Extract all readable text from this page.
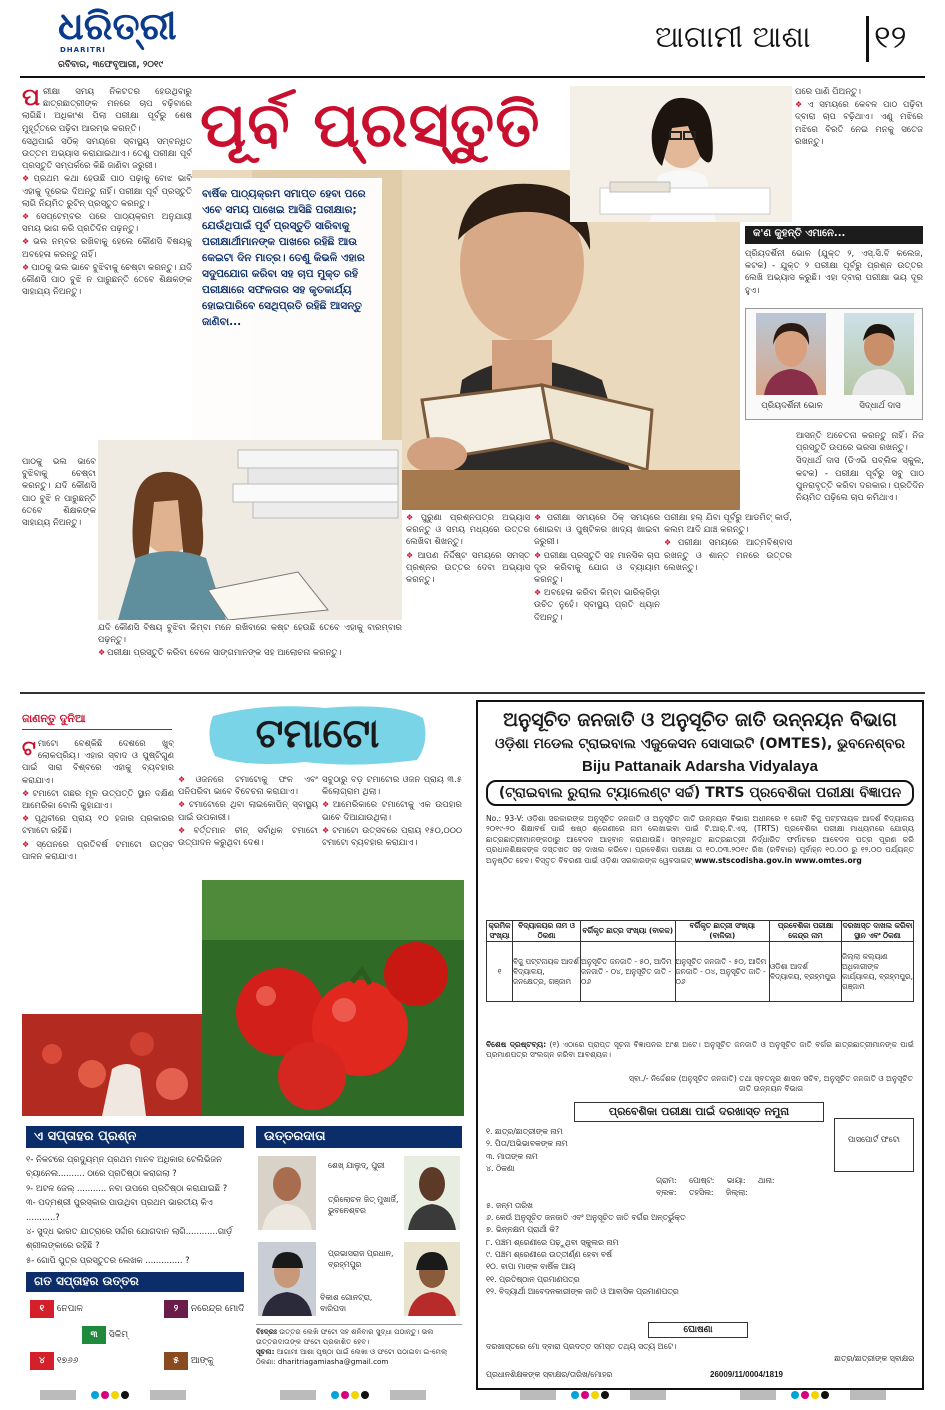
ଧରିତ୍ରୀ
DHARITRI
ରବିବାର, ୩ଫେବୃଆରୀ, ୨୦୧୯
ଆଗାମୀ ଆଶା ୧୨
ପ ରୀକ୍ଷା ସମୟ ନିକଟତର ହେଉଥିବାରୁ ଛାତ୍ରଛାତ୍ରୀଙ୍କ ମନରେ ଚାପ ବଢ଼ିବାରେ ଲାଗିଛି। ଅଧିକାଂଶ ପିଲା ପରୀକ୍ଷା ପୂର୍ବରୁ ଶେଷ ମୁହୂର୍ତ୍ତରେ ପଢ଼ିବା ଆରମ୍ଭ କରନ୍ତି।

ସେଥିପାଇଁ ସଠିକ୍ ସମୟରେ ସ୍ବାସ୍ଥ୍ୟ ସମ୍ବନ୍ଧିତ ଉତ୍ତମ ଅଭ୍ୟାସ କରାଯାଇଥାଏ। ତେଣୁ ପରୀକ୍ଷା ପୂର୍ବ ପ୍ରସ୍ତୁତି ସମ୍ପର୍କରେ କିଛି ଜାଣିବା ଜରୁରୀ।

❖ ପ୍ରଥମ କଥା ହେଉଛି ପାଠ ପଢ଼ାକୁ ବୋଝ ଭାବି ଏହାକୁ ଦୂରେଇ ଦିଅନ୍ତୁ ନାହିଁ। ପରୀକ୍ଷା ପୂର୍ବ ପ୍ରସ୍ତୁତି ଲାଗି ନିୟମିତ ରୁଟିନ୍ ପ୍ରସ୍ତୁତ କରନ୍ତୁ।

❖ ସେପ୍ଟେମ୍ବର ପରେ ପାଠ୍ୟକ୍ରମ ଅନୁଯାୟୀ ସମୟ ଭାଗ କରି ପ୍ରତିଦିନ ପଢ଼ନ୍ତୁ।

❖ ଭଲ ନମ୍ବର ରଖିବାକୁ ହେଲେ କୌଣସି ବିଷୟକୁ ଅବହେଳା କରନ୍ତୁ ନାହିଁ।

❖ ପାଠକୁ ଭଲ ଭାବେ ବୁଝିବାକୁ ଚେଷ୍ଟା କରନ୍ତୁ। ଯଦି କୌଣସି ପାଠ ବୁଝି ନ ପାରୁଛନ୍ତି ତେବେ ଶିକ୍ଷକଙ୍କ ସାହାଯ୍ୟ ନିଅନ୍ତୁ।

ପୂର୍ବ ପ୍ରସ୍ତୁତି
ବାର୍ଷିକ ପାଠ୍ୟକ୍ରମ ସମାପ୍ତ ହେବା ପରେ ଏବେ ସମୟ ପାଖେଇ ଆସିଛି ପରୀକ୍ଷାର; ଯେଉଁଥିପାଇଁ ପୂର୍ବ ପ୍ରସ୍ତୁତି ସାରିବାକୁ ପରୀକ୍ଷାର୍ଥୀମାନଙ୍କ ପାଖରେ ରହିଛି ଆଉ କେଇଟା ଦିନ ମାତ୍ର। ତେଣୁ କିଭଳି ଏହାର ସଦୁପଯୋଗ କରିବା ସହ ଚାପ ମୁକ୍ତ ରହି ପରୀକ୍ଷାରେ ସଫଳତାର ସହ କୃତକାର୍ଯ୍ୟ ହୋଇପାରିବେ ସେଥିପ୍ରତି ରହିଛି ଆସନ୍ତୁ ଜାଣିବା...

ପରେ ପାଣି ପିଅନ୍ତୁ।

❖ ଏ ସମୟରେ କେବଳ ପାଠ ପଢ଼ିବା ଦ୍ବାରା ଚାପ ବଢ଼ିଥାଏ। ଏଣୁ ମଝିରେ ମଝିରେ ବିରତି ନେଇ ମନକୁ ସତେଜ ରଖନ୍ତୁ।

କ'ଣ କୁହନ୍ତି ଏମାନେ...

ପ୍ରିୟଦର୍ଶିନୀ ଭୋଳ (ଯୁକ୍ତ ୨, ଏସ୍.ସି.ବି କଲେଜ, କଟକ) - ଯୁକ୍ତ ୨ ପରୀକ୍ଷା ପୂର୍ବରୁ ପ୍ରଶ୍ନ ଉତ୍ତର ଲେଖି ଅଭ୍ୟାସ କରୁଛି। ଏହା ଦ୍ବାରା ପରୀକ୍ଷା ଭୟ ଦୂର ହୁଏ।

ପ୍ରିୟଦର୍ଶିନୀ ଭୋଳ	ସିଦ୍ଧାର୍ଥ ଦାସ

ପାଠକୁ ଭଲ ଭାବେ ବୁଝିବାକୁ ଚେଷ୍ଟା କରନ୍ତୁ। ଯଦି କୌଣସି ପାଠ ବୁଝି ନ ପାରୁଛନ୍ତି ତେବେ ଶିକ୍ଷକଙ୍କ ସାହାଯ୍ୟ ନିଅନ୍ତୁ।

ଯଦି କୌଣସି ବିଷୟ ବୁଝିବା କିମ୍ବା ମନେ ରଖିବାରେ କଷ୍ଟ ହେଉଛି ତେବେ ଏହାକୁ ବାରମ୍ବାର ପଢ଼ନ୍ତୁ।

❖ ପରୀକ୍ଷା ପ୍ରସ୍ତୁତି କରିବା ବେଳେ ସାଙ୍ଗମାନଙ୍କ ସହ ଆଲୋଚନା କରନ୍ତୁ।

❖ ପୁରୁଣା ପ୍ରଶ୍ନପତ୍ର ଅଭ୍ୟାସ କରନ୍ତୁ ଓ ସମୟ ମଧ୍ୟରେ ଉତ୍ତର ଲେଖିବା ଶିଖନ୍ତୁ।

❖ ଆପଣ ନିର୍ଦ୍ଦିଷ୍ଟ ସମୟରେ ସମସ୍ତ ପ୍ରଶ୍ନର ଉତ୍ତର ଦେବା ଅଭ୍ୟାସ କରନ୍ତୁ।

❖ ପରୀକ୍ଷା ସମୟରେ ଠିକ୍ ସମୟରେ ଶୋଇବା ଓ ପୁଷ୍ଟିକର ଖାଦ୍ୟ ଖାଇବା ଜରୁରୀ।

❖ ପରୀକ୍ଷା ପ୍ରସ୍ତୁତି ସହ ମାନସିକ ଚାପ ଦୂର କରିବାକୁ ଯୋଗ ଓ ବ୍ୟାୟାମ କରନ୍ତୁ।

❖ ଅବହେଳା କରିବା କିମ୍ବା ଭାରିକ୍ରିଡ଼ା ଉଚିତ ନୁହେଁ। ସ୍ବାସ୍ଥ୍ୟ ପ୍ରତି ଧ୍ୟାନ ଦିଅନ୍ତୁ।

ପରୀକ୍ଷା ହଲ୍ ଯିବା ପୂର୍ବରୁ ଆଡମିଟ୍ କାର୍ଡ, କଲମ ଆଦି ଯାଞ୍ଚ କରନ୍ତୁ।

❖ ପରୀକ୍ଷା ସମୟରେ ଆତ୍ମବିଶ୍ବାସ ରଖନ୍ତୁ ଓ ଶାନ୍ତ ମନରେ ଉତ୍ତର ଲେଖନ୍ତୁ।

ଆସନ୍ତି ଅଚେତନା କରନ୍ତୁ ନାହିଁ। ନିଜ ପ୍ରସ୍ତୁତି ଉପରେ ଭରସା ରଖନ୍ତୁ।

ସିଦ୍ଧାର୍ଥ ଦାସ (ଡିଏଭି ପବ୍ଲିକ ସ୍କୁଲ, କଟକ) - ପରୀକ୍ଷା ପୂର୍ବରୁ ସବୁ ପାଠ ପୁନରାବୃତ୍ତି କରିବା ଦରକାର। ପ୍ରତିଦିନ ନିୟମିତ ପଢ଼ିଲେ ଚାପ କମିଥାଏ।

ଜାଣନ୍ତୁ ଦୁନିଆ	ଟମାଟୋ
ଟ ମାଟୋ ବେଶ୍‌କିଛି ଦେଶରେ ଖୁବ୍ ଲୋକପ୍ରିୟ। ଏହାର ସ୍ବାଦ ଓ ପୁଷ୍ଟିଗୁଣ ପାଇଁ ସାରା ବିଶ୍ବରେ ଏହାକୁ ବ୍ୟବହାର କରାଯାଏ।

❖ ଟମାଟୋ ଗଛର ମୂଳ ଉତ୍ପତ୍ତି ସ୍ଥାନ ଦକ୍ଷିଣ ଆମେରିକା ବୋଲି କୁହାଯାଏ।

❖ ପୃଥିବୀରେ ପ୍ରାୟ ୧୦ ହଜାର ପ୍ରକାରର ଟମାଟୋ ରହିଛି।

❖ ସ୍ପେନରେ ପ୍ରତିବର୍ଷ ଟମାଟୋ ଉତ୍ସବ ପାଳନ କରାଯାଏ।

❖ ଓଜନରେ ଟମାଟୋକୁ ଫଳ ଏବଂ ପନିପରିବା ଭାବେ ବିବେଚନା କରାଯାଏ।

❖ ଟମାଟୋରେ ଥିବା ଲାଇକୋପିନ୍ ସ୍ବାସ୍ଥ୍ୟ ପାଇଁ ଉପକାରୀ।

❖ ବର୍ତ୍ତମାନ ଚୀନ୍ ସର୍ବାଧିକ ଟମାଟୋ ଉତ୍ପାଦନ କରୁଥିବା ଦେଶ।

ସବୁଠାରୁ ବଡ଼ ଟମାଟୋର ଓଜନ ପ୍ରାୟ ୩.୫ କିଲୋଗ୍ରାମ ଥିଲା।

❖ ଆମେରିକାରେ ଟମାଟୋକୁ ଏକ ଉପହାର ଭାବେ ଦିଆଯାଉଥିଲା।

❖ ଟମାଟୋ ଉତ୍ସବରେ ପ୍ରାୟ ୧୫୦,୦୦୦ ଟମାଟୋ ବ୍ୟବହାର କରାଯାଏ।

ଅନୁସୂଚିତ ଜନଜାତି ଓ ଅନୁସୂଚିତ ଜାତି ଉନ୍ନୟନ ବିଭାଗ
ଓଡ଼ିଶା ମଡେଲ ଟ୍ରାଇବାଲ ଏଜୁକେସନ ସୋସାଇଟି (OMTES), ଭୁବନେଶ୍ବର
Biju Pattanaik Adarsha Vidyalaya
(ଟ୍ରାଇବାଲ ରୁରାଲ ଟ୍ୟାଲେଣ୍ଟ ସର୍ଚ୍ଚ) TRTS ପ୍ରବେଶିକା ପରୀକ୍ଷା ବିଜ୍ଞାପନ
No.: 93-V: ଓଡ଼ିଶା ସରକାରଙ୍କ ଅନୁସୂଚିତ ଜନଜାତି ଓ ଅନୁସୂଚିତ ଜାତି ଉନ୍ନୟନ ବିଭାଗ ଅଧୀନରେ ୧ ଗୋଟି ବିଜୁ ପଟ୍ଟନାୟକ ଆଦର୍ଶ ବିଦ୍ୟାଳୟ ୨୦୧୯-୨୦ ଶିକ୍ଷାବର୍ଷ ପାଇଁ ଷଷ୍ଠ ଶ୍ରେଣୀରେ ନାମ ଲେଖାଇବା ପାଇଁ ଟି.ଆର୍.ଟି.ଏସ୍. (TRTS) ପ୍ରବେଶିକା ପରୀକ୍ଷା ମାଧ୍ୟମରେ ଯୋଗ୍ୟ ଛାତ୍ରଛାତ୍ରୀମାନଙ୍କଠାରୁ ଆବେଦନ ଆହ୍ବାନ କରାଯାଉଛି। ସମ୍ବନ୍ଧିତ ଛାତ୍ରଛାତ୍ରୀ ନିର୍ଦ୍ଧାରିତ ଫର୍ମାଟରେ ଆବେଦନ ପତ୍ର ପୂରଣ କରି ପ୍ରଧାନଶିକ୍ଷକଙ୍କ ଦସ୍ତଖତ ସହ ଦାଖଲ କରିବେ। ପ୍ରବେଶିକା ପରୀକ୍ଷା ତା ୧୦.୦୩.୨୦୧୯ ରିଖ (ରବିବାର) ପୂର୍ବାହ୍ନ ୧୦.୦୦ ରୁ ୧୨.୦୦ ପର୍ଯ୍ୟନ୍ତ ଅନୁଷ୍ଠିତ ହେବ। ବିସ୍ତୃତ ବିବରଣୀ ପାଇଁ ଓଡ଼ିଶା ସରକାରଙ୍କ ୱେବସାଇଟ୍ www.stscodisha.gov.in www.omtes.org
କ୍ରମିକ ସଂଖ୍ୟା	ବିଦ୍ୟାଳୟର ନାମ ଓ ଠିକଣା	ବର୍ଗିକୃତ ଛାତ୍ର ସଂଖ୍ୟା (ବାଳକ)	ବର୍ଗିକୃତ ଛାତ୍ରୀ ସଂଖ୍ୟା (ବାଳିକା)	ପ୍ରବେଶିକା ପରୀକ୍ଷା କେନ୍ଦ୍ର ନାମ	ଦରଖାସ୍ତ ଦାଖଲ କରିବା ସ୍ଥାନ ଏବଂ ଠିକଣା
୧	ବିଜୁ ପଟ୍ଟନାୟକ ଆଦର୍ଶ ବିଦ୍ୟାଳୟ, ଜନକ୍ଷେତ୍ର, ଗଞ୍ଜାମ	ଅନୁସୂଚିତ ଜନଜାତି - ୫୦, ଆଦିମ ଜନଜାତି - ୦୪, ଅନୁସୂଚିତ ଜାତି - ୦୬	ଅନୁସୂଚିତ ଜନଜାତି - ୫୦, ଆଦିମ ଜନଜାତି - ୦୪, ଅନୁସୂଚିତ ଜାତି - ୦୬	ଓଡ଼ିଶା ଆଦର୍ଶ ବିଦ୍ୟାଳୟ, ବ୍ରହ୍ମପୁର	ଜିଲ୍ଲା କଲ୍ୟାଣ ଅଧିକାରୀଙ୍କ କାର୍ଯ୍ୟାଳୟ, ବ୍ରହ୍ମପୁର, ଗଞ୍ଜାମ
ବିଶେଷ ଦ୍ରଷ୍ଟବ୍ୟ: (୧) ଏଠାରେ ପ୍ରାପ୍ତ ସୂଚନା ବିଜ୍ଞାପନର ଅଂଶ ଅଟେ। ଅନୁସୂଚିତ ଜନଜାତି ଓ ଅନୁସୂଚିତ ଜାତି ବର୍ଗର ଛାତ୍ରଛାତ୍ରୀମାନଙ୍କ ପାଇଁ ପ୍ରମାଣପତ୍ର ସଂଲଗ୍ନ କରିବା ଆବଶ୍ୟକ।
ସ୍ବା./- ନିର୍ଦ୍ଦେଶକ (ଅନୁସୂଚିତ ଜନଜାତି) ତଥା ସ୍ବତନ୍ତ୍ର ଶାସନ ସଚିବ, ଅନୁସୂଚିତ ଜନଜାତି ଓ ଅନୁସୂଚିତ ଜାତି ଉନ୍ନୟନ ବିଭାଗ
ପ୍ରବେଶିକା ପରୀକ୍ଷା ପାଇଁ ଦରଖାସ୍ତ ନମୁନା
ପାସପୋର୍ଟ ଫଟୋ
୧. ଛାତ୍ର/ଛାତ୍ରୀଙ୍କ ନାମ
୨. ପିତା/ଅଭିଭାବକଙ୍କ ନାମ
୩. ମାତାଙ୍କ ନାମ
୪. ଠିକଣା
ଗ୍ରାମ: ପୋଷ୍ଟ: ଭାୟା: ଥାନା:
ବ୍ଲକ: ତହସିଲ: ଜିଲ୍ଲା:
୫. ଜନ୍ମ ତାରିଖ
୬. କେଉଁ ଅନୁସୂଚିତ ଜନଜାତି ଏବଂ ଅନୁସୂଚିତ ଜାତି ବର୍ଗର ଅନ୍ତର୍ଭୁକ୍ତ
୭. ଭିନ୍ନକ୍ଷମ ପ୍ରାର୍ଥୀ କି?
୮. ପଞ୍ଚମ ଶ୍ରେଣୀରେ ପଢ଼ୁଥିବା ସ୍କୁଲର ନାମ
୯. ପଞ୍ଚମ ଶ୍ରେଣୀରେ ଉତ୍ତୀର୍ଣ୍ଣ ହେବା ବର୍ଷ
୧୦. ବାପା ମାଙ୍କ ବାର୍ଷିକ ଆୟ
୧୧. ପ୍ରତିଷ୍ଠାନ ପ୍ରମାଣପତ୍ର
୧୨. ବିଦ୍ୟାର୍ଥୀ ଆବେଦନକାରୀଙ୍କ ଜାତି ଓ ଆବାସିକ ପ୍ରମାଣପତ୍ର
ଘୋଷଣା
ଦରଖାସ୍ତରେ ମୋ ଦ୍ବାରା ପ୍ରଦତ୍ତ ସମସ୍ତ ତଥ୍ୟ ସତ୍ୟ ଅଟେ।
ଛାତ୍ର/ଛାତ୍ରୀଙ୍କ ସ୍ବାକ୍ଷର
ପ୍ରଧାନଶିକ୍ଷକଙ୍କ ସ୍ବାକ୍ଷର/ତାରିଖ/ମୋହର	26009/11/0004/1819
ଏ ସପ୍ତାହର ପ୍ରଶ୍ନ
୧- ନିକଟରେ ପ୍ରଦ୍ୟୁମ୍ନ ପ୍ରଥମ ମାନବ ଅଧିକାର ଟେଲିଭିଜନ ଚ୍ୟାନେଲ.......... ଠାରେ ପ୍ରତିଷ୍ଠା କରାଗଲା ?
୨- ଅଟଳ ଜେଲ୍ ........... ନବା ଉପରେ ପ୍ରତିଷ୍ଠା କରାଯାଇଛି ?
୩- ପଦ୍ମଶ୍ରୀ ପୁରସ୍କାର ପାଉଥିବା ପ୍ରଥମ ଭାରତୀୟ କିଏ ...........?
୪- ସୁଦ୍ଧ ଭାରତ ଯାତ୍ରାରେ ସର୍ଦ୍ଦାର ଯୋଗଦାନ ଲାଗି............ଗାର୍ଡ଼ ଶ୍ରୀଲଙ୍କାରେ ରହିଛି ?
୫- ଗୋପି ପୁତ୍ର ପ୍ରସ୍ତୁତର ଲେଖକ .............. ?
ଗତ ସପ୍ତାହର ଉତ୍ତର
୧ ନେପାଳ	୨ ନରେନ୍ଦ୍ର ମୋଦି
୩ ସିକିମ୍
୪ ୧୭୬୬	୫ ଆଙ୍କୁ
ଉତ୍ତରଦାତା
ଶେଖ୍ ଯାଲୁଦ୍, ପୁରୀ
ତ୍ରିଲୋଚନ ଜିତ୍ ମୁଖାର୍ଜି, ଭୁବନେଶ୍ବର
ପ୍ରଭାସରାଜ ପ୍ରଧାନ, ବ୍ରହ୍ମପୁର
ବିକାଶ ଗୋନଟ୍ରା, ବାରିପଦା
ବିଃଦ୍ରଃ ଉତ୍ତର ଲେଖି ଫଟୋ ସହ ଶନିବାର ସୁଦ୍ଧା ପଠାନ୍ତୁ। ଭଲ ଉତ୍ତରଦାତାଙ୍କ ଫଟୋ ପ୍ରକାଶିତ ହେବ।
ସୂଚନା: ଆଗାମୀ ଆଶା ପୃଷ୍ଠା ପାଇଁ ଲେଖା ଓ ଫଟୋ ପଠାଇବା ଇ-ମେଲ୍ ଠିକଣା: dharitriagamiasha@gmail.com
